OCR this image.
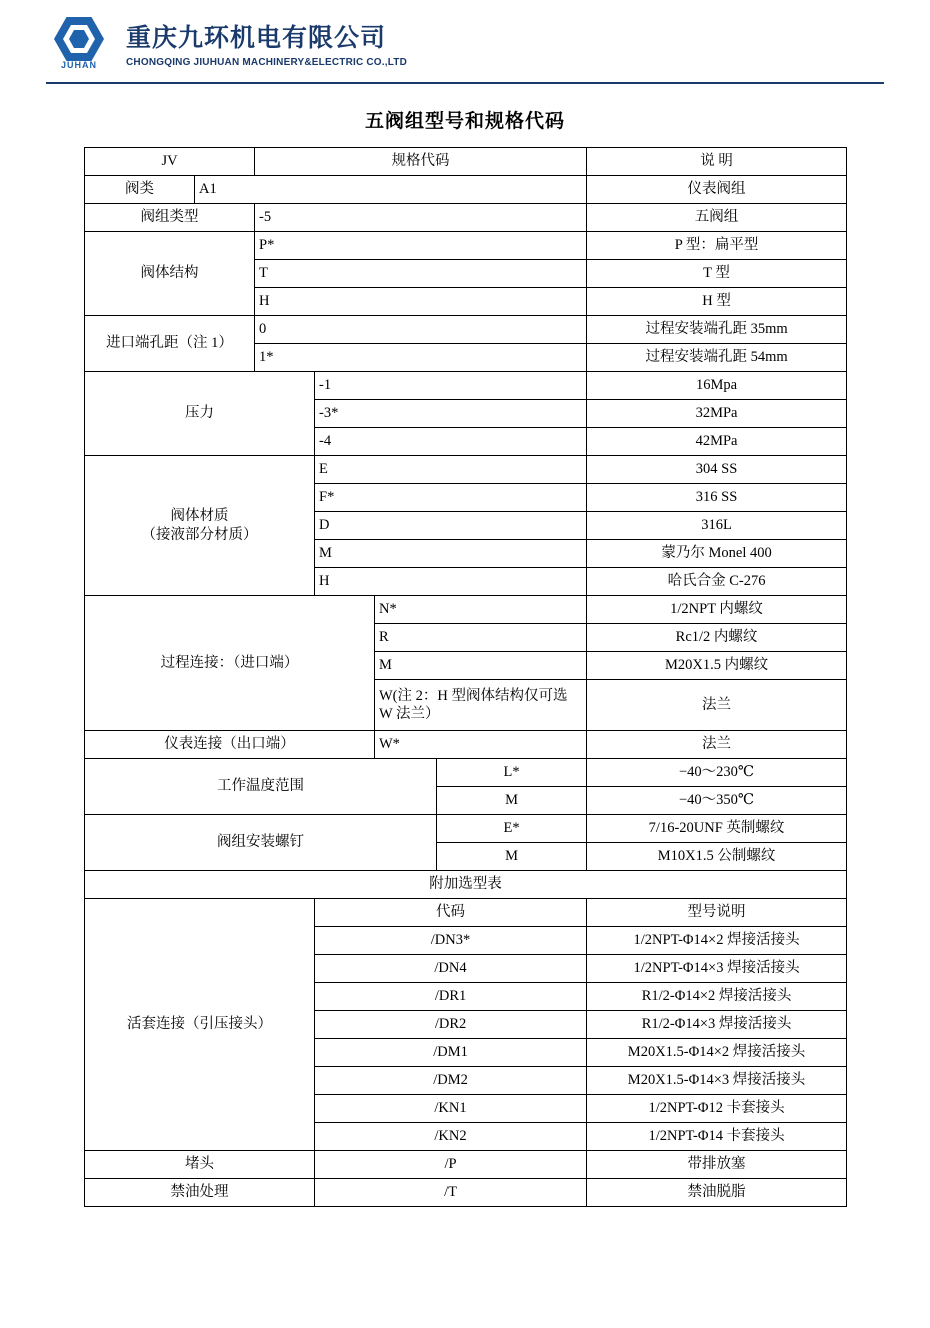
JUHAN
重庆九环机电有限公司
CHONGQING JIUHUAN MACHINERY&ELECTRIC CO.,LTD
五阀组型号和规格代码
JV		规格代码				说 明
阀类	A1					仪表阀组
阀组类型		-5				五阀组
阀体结构		P*				P 型：扁平型
		T				T 型
		H				H 型
进口端孔距（注 1）		0				过程安装端孔距 35mm
		1*				过程安装端孔距 54mm
压力			-1			16Mpa
			-3*			32MPa
			-4			42MPa

阀体材质
（接液部分材质）			E			304 SS
			F*			316 SS
			D			316L
			M			蒙乃尔 Monel 400
			H			哈氏合金 C-276
过程连接：（进口端）				N*		1/2NPT 内螺纹
				R		Rc1/2 内螺纹
				M		M20X1.5 内螺纹
				W(注 2：H 型阀体结构仅可选 W 法兰）		法兰
仪表连接（出口端）				W*		法兰
工作温度范围					L*	−40～230℃
					M	−40～350℃
阀组安装螺钉					E*	7/16-20UNF 英制螺纹
					M	M10X1.5 公制螺纹
附加选型表						
活套连接（引压接头）			代码			型号说明
			/DN3*			1/2NPT-Φ14×2 焊接活接头
			/DN4			1/2NPT-Φ14×3 焊接活接头
			/DR1			R1/2-Φ14×2 焊接活接头
			/DR2			R1/2-Φ14×3 焊接活接头
			/DM1			M20X1.5-Φ14×2 焊接活接头
			/DM2			M20X1.5-Φ14×3 焊接活接头
			/KN1			1/2NPT-Φ12 卡套接头
			/KN2			1/2NPT-Φ14 卡套接头
堵头			/P			带排放塞
禁油处理			/T			禁油脱脂
